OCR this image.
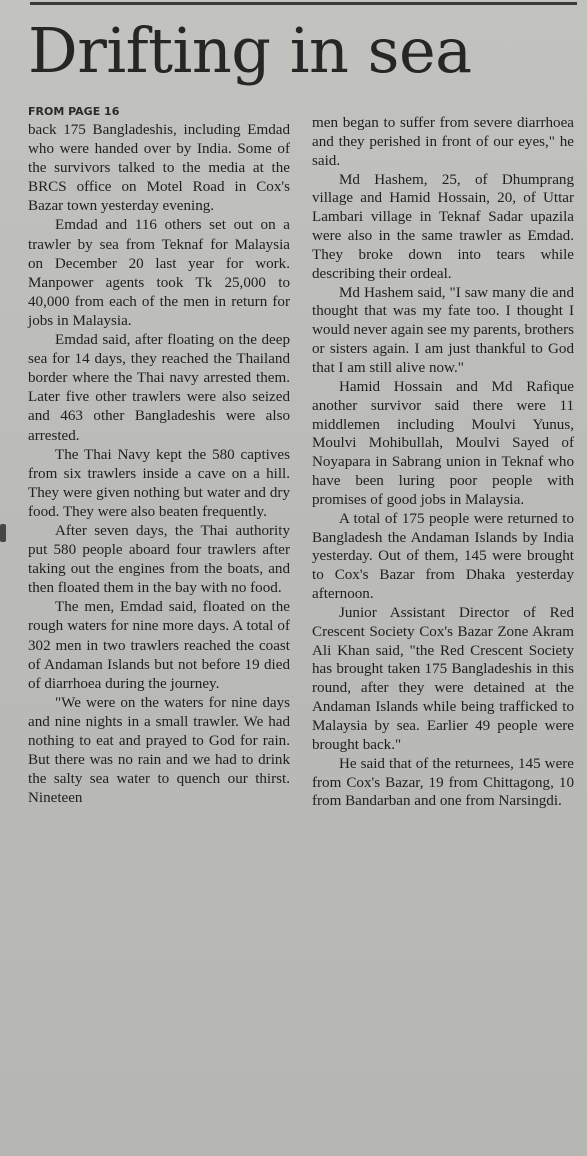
Drifting in sea
FROM PAGE 16

back 175 Bangladeshis, including Emdad who were handed over by India. Some of the survivors talked to the media at the BRCS office on Motel Road in Cox's Bazar town yesterday evening.

Emdad and 116 others set out on a trawler by sea from Teknaf for Malaysia on December 20 last year for work. Manpower agents took Tk 25,000 to 40,000 from each of the men in return for jobs in Malaysia.

Emdad said, after floating on the deep sea for 14 days, they reached the Thailand border where the Thai navy arrested them. Later five other trawlers were also seized and 463 other Bangladeshis were also arrested.

The Thai Navy kept the 580 captives from six trawlers inside a cave on a hill. They were given nothing but water and dry food. They were also beaten frequently.

After seven days, the Thai authority put 580 people aboard four trawlers after taking out the engines from the boats, and then floated them in the bay with no food.

The men, Emdad said, floated on the rough waters for nine more days. A total of 302 men in two trawlers reached the coast of Andaman Islands but not before 19 died of diarrhoea during the journey.

"We were on the waters for nine days and nine nights in a small trawler. We had nothing to eat and prayed to God for rain. But there was no rain and we had to drink the salty sea water to quench our thirst. Nineteen

men began to suffer from severe diarrhoea and they perished in front of our eyes," he said.

Md Hashem, 25, of Dhumprang village and Hamid Hossain, 20, of Uttar Lambari village in Teknaf Sadar upazila were also in the same trawler as Emdad. They broke down into tears while describing their ordeal.

Md Hashem said, "I saw many die and thought that was my fate too. I thought I would never again see my parents, brothers or sisters again. I am just thankful to God that I am still alive now."

Hamid Hossain and Md Rafique another survivor said there were 11 middlemen including Moulvi Yunus, Moulvi Mohibullah, Moulvi Sayed of Noyapara in Sabrang union in Teknaf who have been luring poor people with promises of good jobs in Malaysia.

A total of 175 people were returned to Bangladesh the Andaman Islands by India yesterday. Out of them, 145 were brought to Cox's Bazar from Dhaka yesterday afternoon.

Junior Assistant Director of Red Crescent Society Cox's Bazar Zone Akram Ali Khan said, "the Red Crescent Society has brought taken 175 Bangladeshis in this round, after they were detained at the Andaman Islands while being trafficked to Malaysia by sea. Earlier 49 people were brought back."

He said that of the returnees, 145 were from Cox's Bazar, 19 from Chittagong, 10 from Bandarban and one from Narsingdi.
